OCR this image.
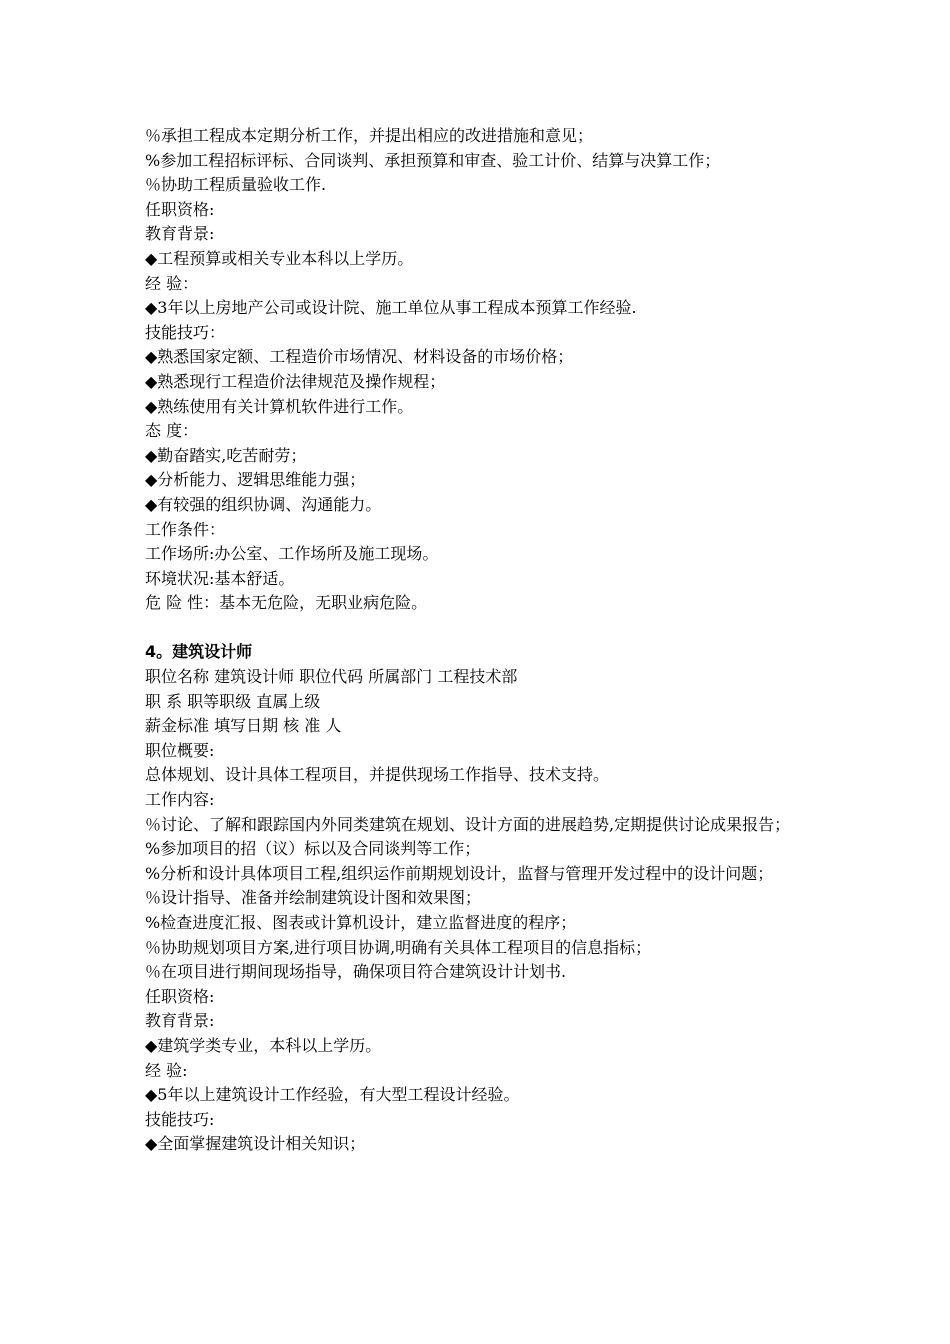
％承担工程成本定期分析工作，并提出相应的改进措施和意见；
%参加工程招标评标、合同谈判、承担预算和审查、验工计价、结算与决算工作；
％协助工程质量验收工作.
任职资格:
教育背景:
◆工程预算或相关专业本科以上学历。
经 验：
◆3年以上房地产公司或设计院、施工单位从事工程成本预算工作经验.
技能技巧：
◆熟悉国家定额、工程造价市场情况、材料设备的市场价格；
◆熟悉现行工程造价法律规范及操作规程；
◆熟练使用有关计算机软件进行工作。
态 度：
◆勤奋踏实,吃苦耐劳；
◆分析能力、逻辑思维能力强；
◆有较强的组织协调、沟通能力。
工作条件：
工作场所:办公室、工作场所及施工现场。
环境状况:基本舒适。
危 险 性：基本无危险，无职业病危险。
4。建筑设计师
职位名称 建筑设计师 职位代码 所属部门 工程技术部
职 系 职等职级 直属上级
薪金标准 填写日期 核 准 人
职位概要:
总体规划、设计具体工程项目，并提供现场工作指导、技术支持。
工作内容:
％讨论、了解和跟踪国内外同类建筑在规划、设计方面的进展趋势,定期提供讨论成果报告；
%参加项目的招（议）标以及合同谈判等工作；
%分析和设计具体项目工程,组织运作前期规划设计，监督与管理开发过程中的设计问题；
％设计指导、准备并绘制建筑设计图和效果图；
%检查进度汇报、图表或计算机设计，建立监督进度的程序；
％协助规划项目方案,进行项目协调,明确有关具体工程项目的信息指标；
％在项目进行期间现场指导，确保项目符合建筑设计计划书.
任职资格:
教育背景:
◆建筑学类专业，本科以上学历。
经 验:
◆5年以上建筑设计工作经验，有大型工程设计经验。
技能技巧:
◆全面掌握建筑设计相关知识；
